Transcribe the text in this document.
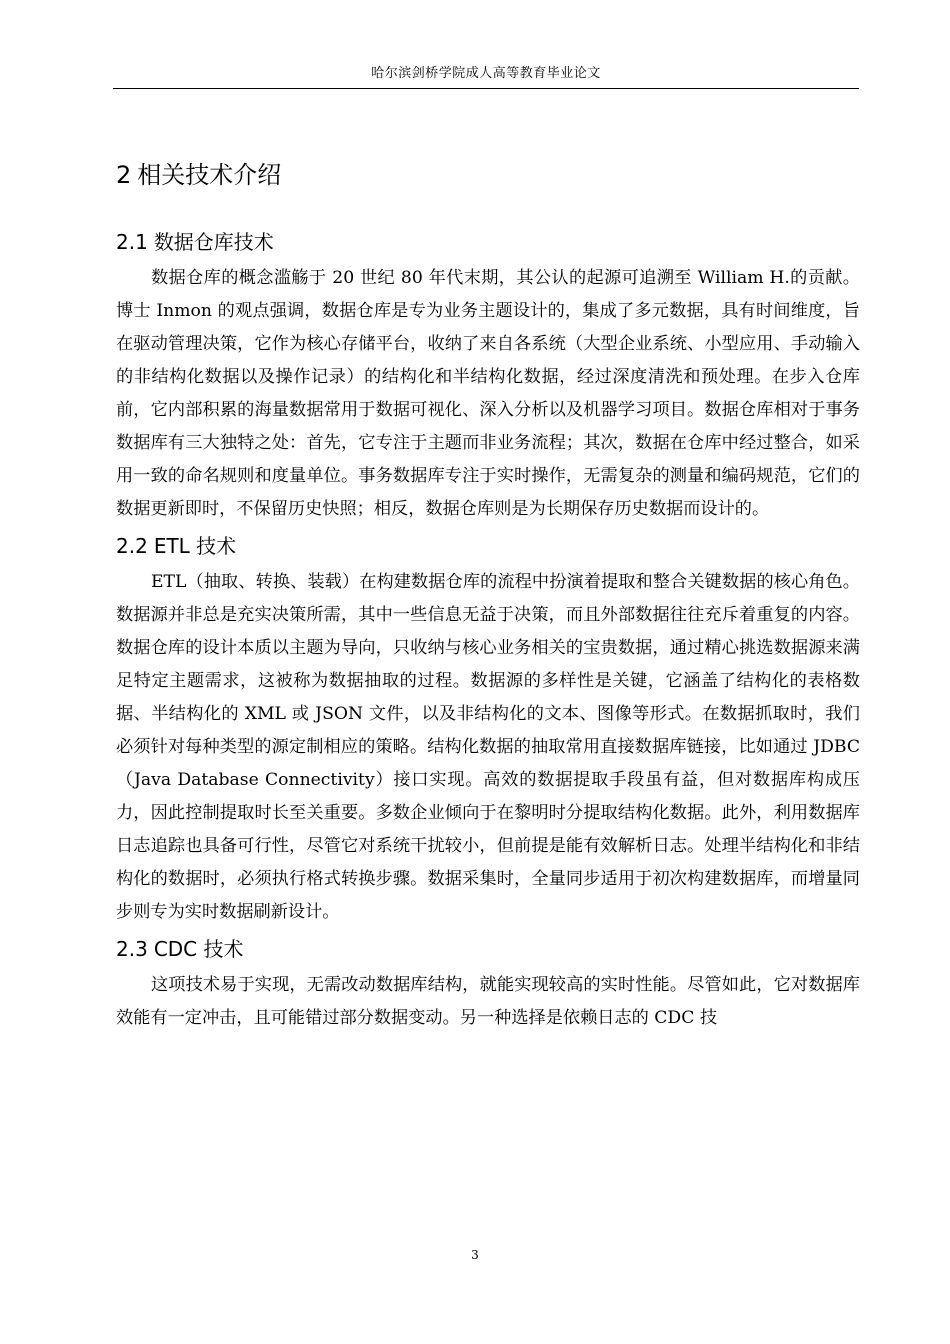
哈尔滨剑桥学院成人高等教育毕业论文
2 相关技术介绍
2.1 数据仓库技术

数据仓库的概念滥觞于 20 世纪 80 年代末期，其公认的起源可追溯至 William H.的贡献。博士 Inmon 的观点强调，数据仓库是专为业务主题设计的，集成了多元数据，具有时间维度，旨在驱动管理决策，它作为核心存储平台，收纳了来自各系统（大型企业系统、小型应用、手动输入的非结构化数据以及操作记录）的结构化和半结构化数据，经过深度清洗和预处理。在步入仓库前，它内部积累的海量数据常用于数据可视化、深入分析以及机器学习项目。数据仓库相对于事务数据库有三大独特之处：首先，它专注于主题而非业务流程；其次，数据在仓库中经过整合，如采用一致的命名规则和度量单位。事务数据库专注于实时操作，无需复杂的测量和编码规范，它们的数据更新即时，不保留历史快照；相反，数据仓库则是为长期保存历史数据而设计的。

2.2 ETL 技术

ETL（抽取、转换、装载）在构建数据仓库的流程中扮演着提取和整合关键数据的核心角色。数据源并非总是充实决策所需，其中一些信息无益于决策，而且外部数据往往充斥着重复的内容。数据仓库的设计本质以主题为导向，只收纳与核心业务相关的宝贵数据，通过精心挑选数据源来满足特定主题需求，这被称为数据抽取的过程。数据源的多样性是关键，它涵盖了结构化的表格数据、半结构化的 XML 或 JSON 文件，以及非结构化的文本、图像等形式。在数据抓取时，我们必须针对每种类型的源定制相应的策略。结构化数据的抽取常用直接数据库链接，比如通过 JDBC（Java Database Connectivity）接口实现。高效的数据提取手段虽有益，但对数据库构成压力，因此控制提取时长至关重要。多数企业倾向于在黎明时分提取结构化数据。此外，利用数据库日志追踪也具备可行性，尽管它对系统干扰较小，但前提是能有效解析日志。处理半结构化和非结构化的数据时，必须执行格式转换步骤。数据采集时，全量同步适用于初次构建数据库，而增量同步则专为实时数据刷新设计。

2.3 CDC 技术

这项技术易于实现，无需改动数据库结构，就能实现较高的实时性能。尽管如此，它对数据库效能有一定冲击，且可能错过部分数据变动。另一种选择是依赖日志的 CDC 技

3
